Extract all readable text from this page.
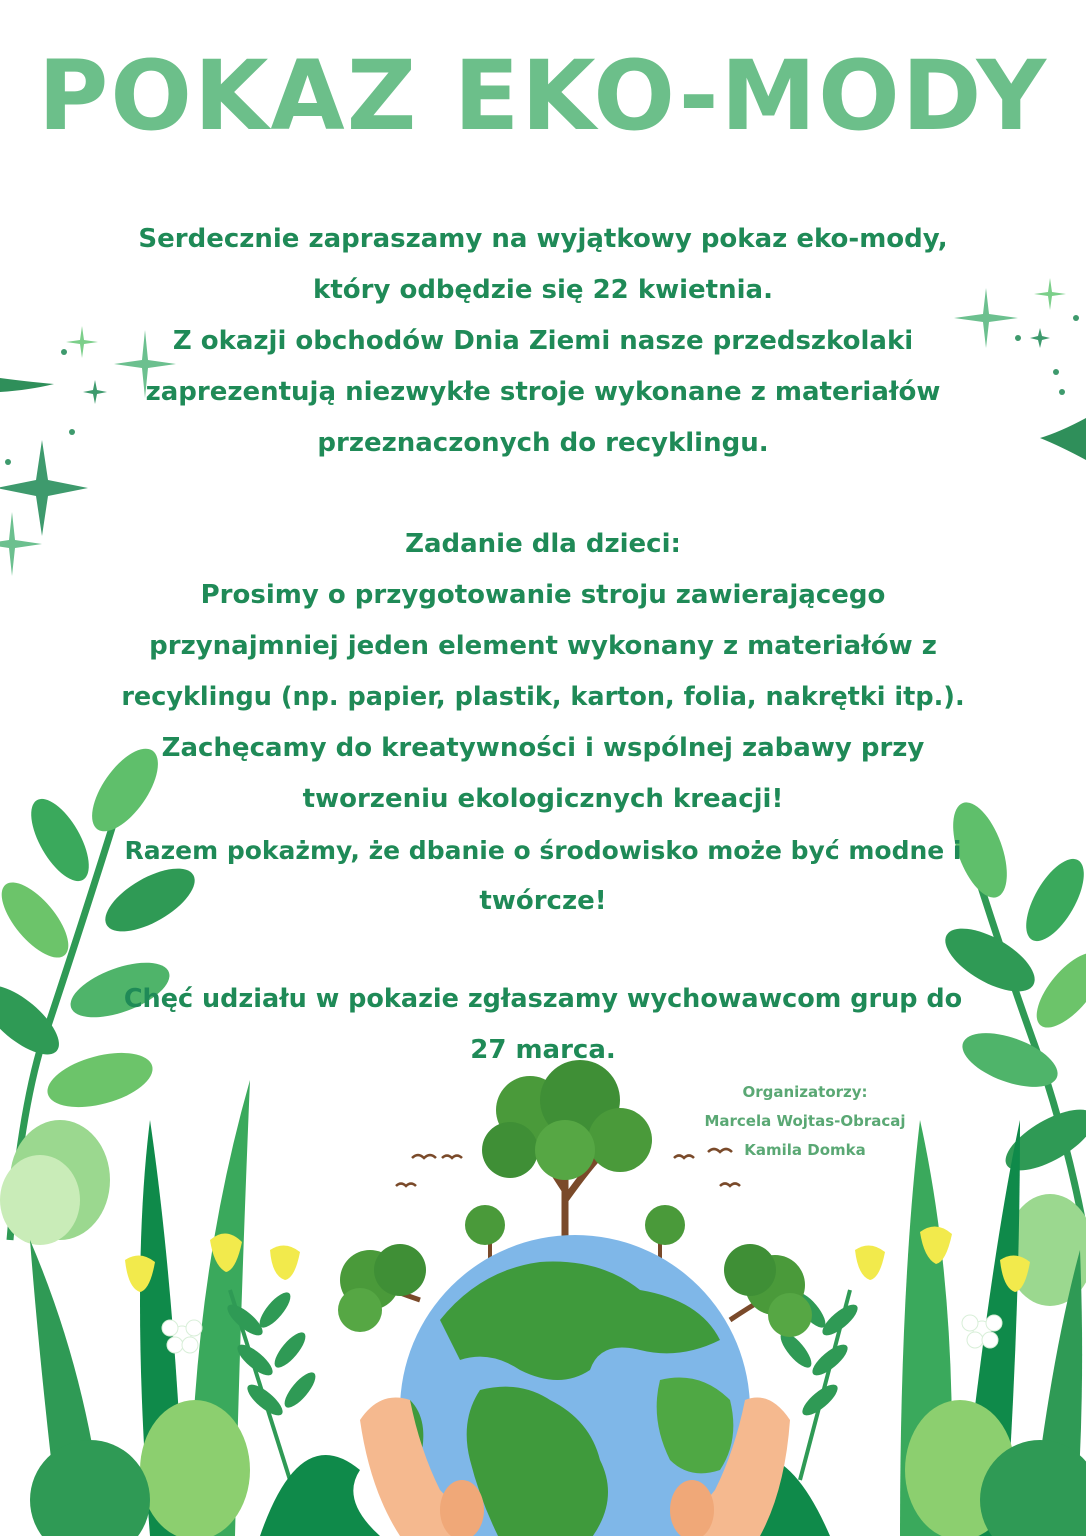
POKAZ EKO-MODY
Serdecznie zapraszamy na wyjątkowy pokaz eko-mody,
który odbędzie się 22 kwietnia.
Z okazji obchodów Dnia Ziemi nasze przedszkolaki
zaprezentują niezwykłe stroje wykonane z materiałów
przeznaczonych do recyklingu.
Zadanie dla dzieci:
Prosimy o przygotowanie stroju zawierającego
przynajmniej jeden element wykonany z materiałów z
recyklingu (np. papier, plastik, karton, folia, nakrętki itp.).
Zachęcamy do kreatywności i wspólnej zabawy przy
tworzeniu ekologicznych kreacji!
Razem pokażmy, że dbanie o środowisko może być modne i
twórcze!
Chęć udziału w pokazie zgłaszamy wychowawcom grup do
27 marca.
Organizatorzy:
Marcela Wojtas-Obracaj
Kamila Domka
